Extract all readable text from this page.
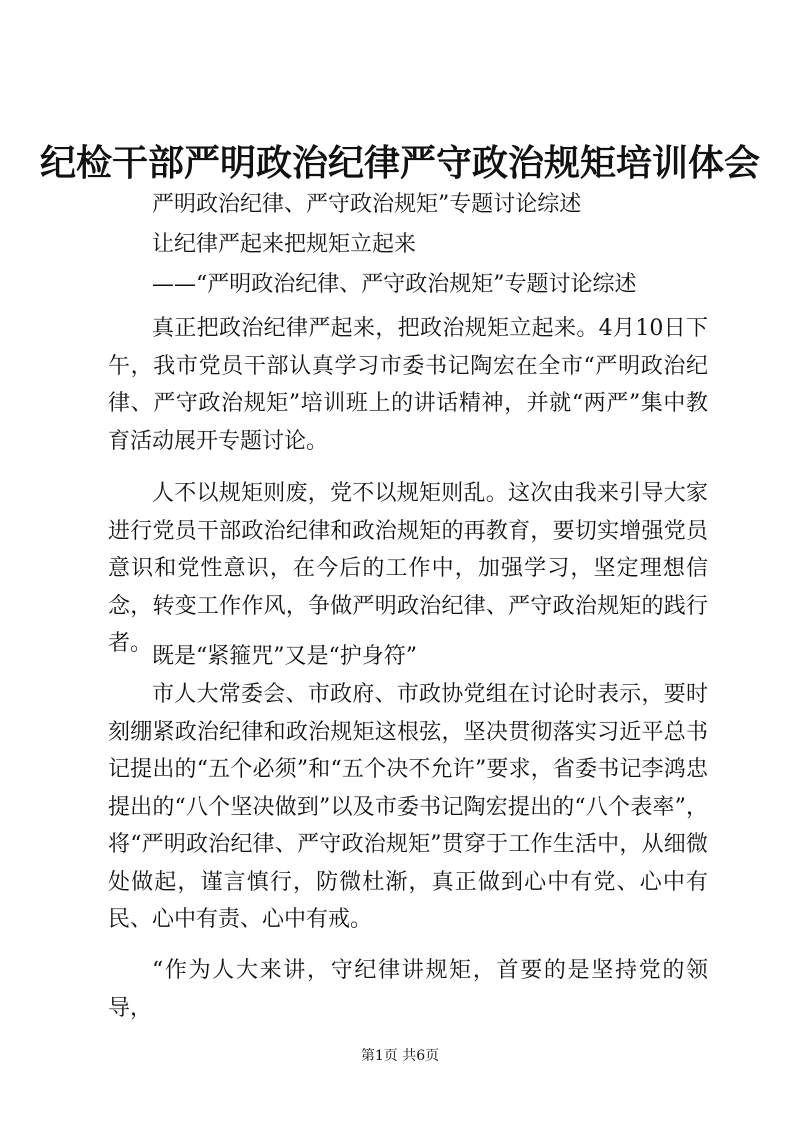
纪检干部严明政治纪律严守政治规矩培训体会
严明政治纪律、严守政治规矩”专题讨论综述
让纪律严起来把规矩立起来
——“严明政治纪律、严守政治规矩”专题讨论综述
真正把政治纪律严起来，把政治规矩立起来。4月10日下午，我市党员干部认真学习市委书记陶宏在全市“严明政治纪律、严守政治规矩”培训班上的讲话精神，并就“两严”集中教育活动展开专题讨论。
人不以规矩则废，党不以规矩则乱。这次由我来引导大家进行党员干部政治纪律和政治规矩的再教育，要切实增强党员意识和党性意识，在今后的工作中，加强学习，坚定理想信念，转变工作作风，争做严明政治纪律、严守政治规矩的践行者。
既是“紧箍咒”又是“护身符”
市人大常委会、市政府、市政协党组在讨论时表示，要时刻绷紧政治纪律和政治规矩这根弦，坚决贯彻落实习近平总书记提出的“五个必须”和“五个决不允许”要求，省委书记李鸿忠提出的“八个坚决做到”以及市委书记陶宏提出的“八个表率”，将“严明政治纪律、严守政治规矩”贯穿于工作生活中，从细微处做起，谨言慎行，防微杜渐，真正做到心中有党、心中有民、心中有责、心中有戒。
“作为人大来讲，守纪律讲规矩，首要的是坚持党的领导，
第1页 共6页
